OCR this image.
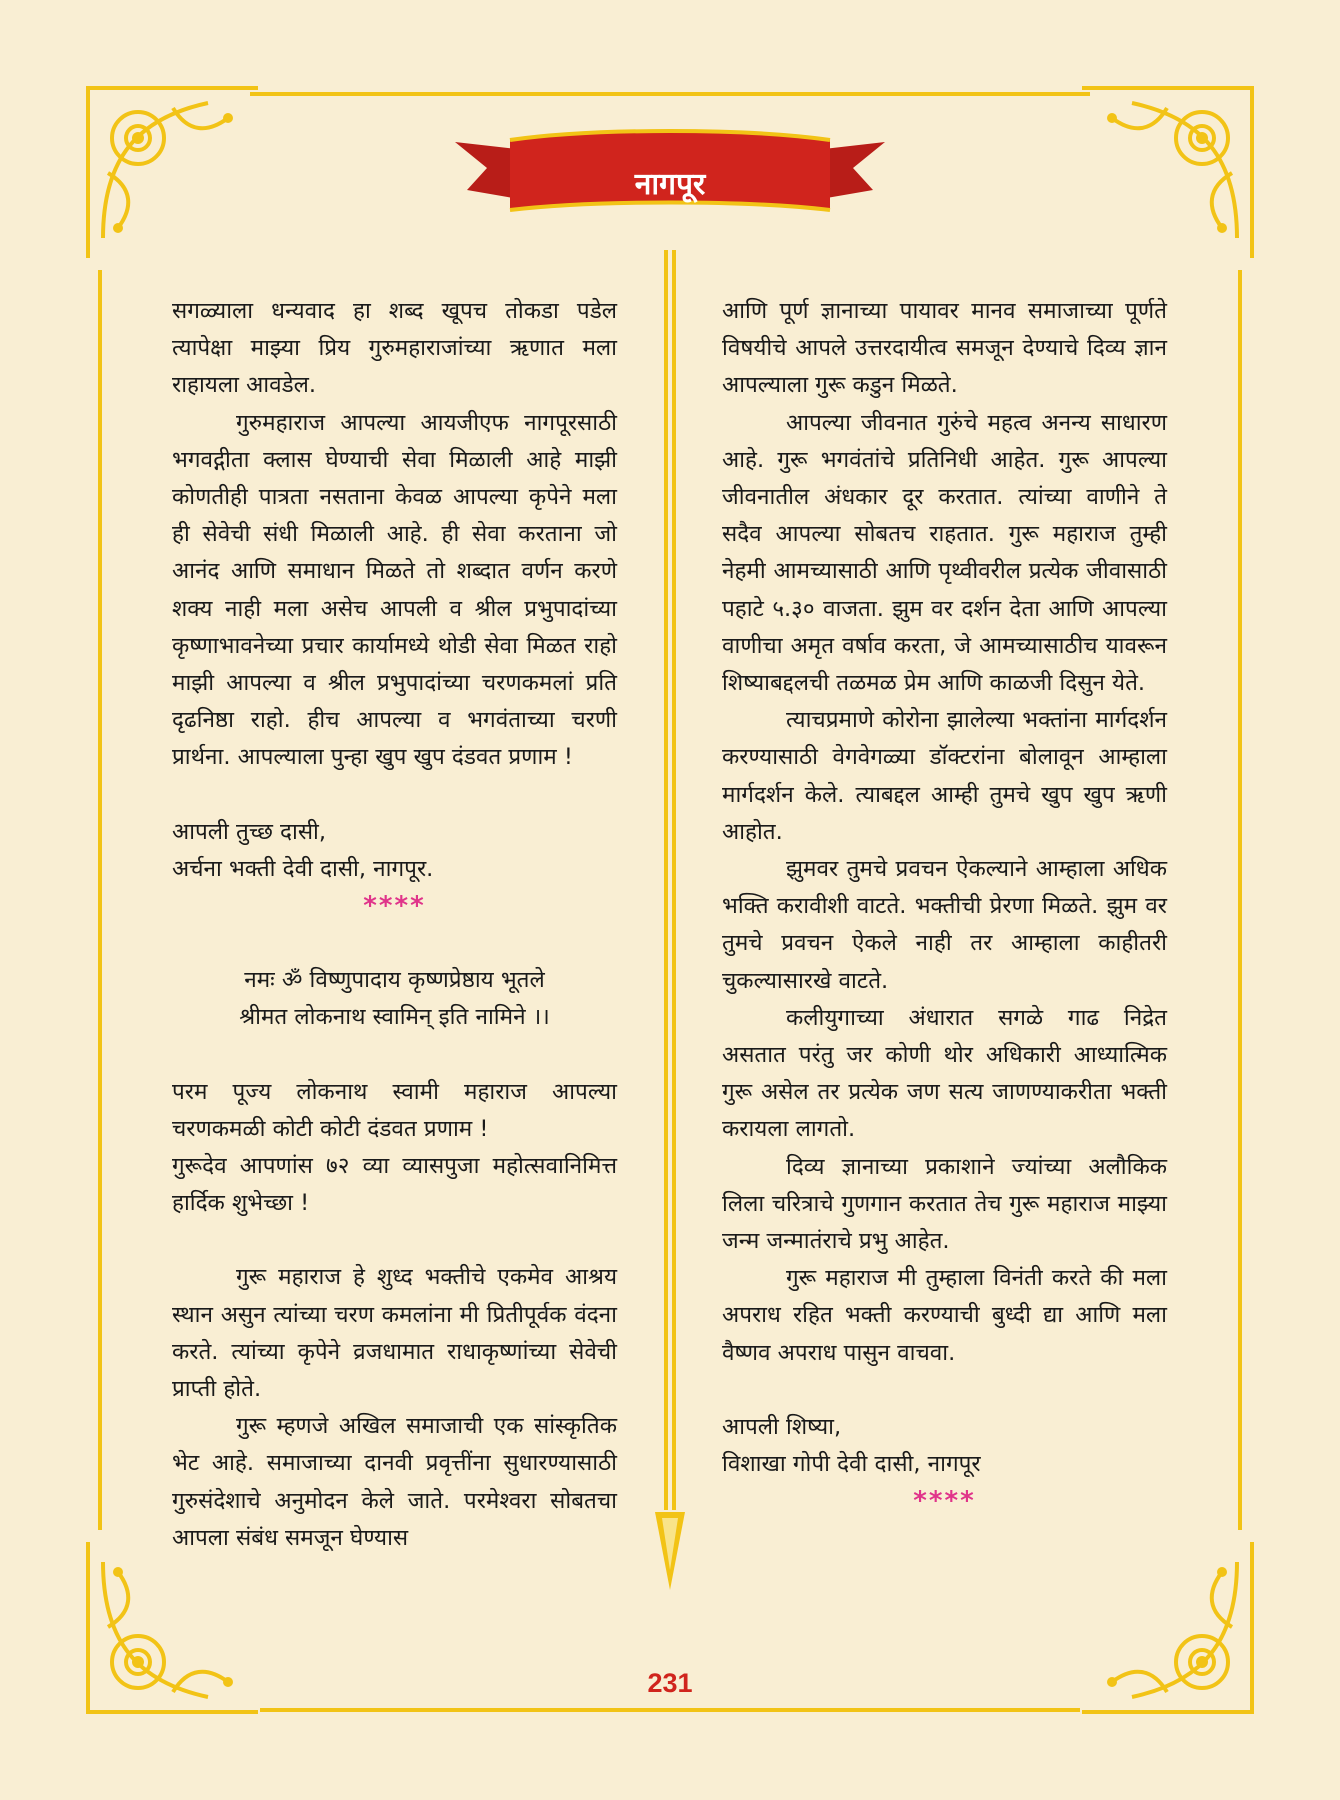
नागपूर

सगळ्याला धन्यवाद हा शब्द खूपच तोकडा पडेल त्यापेक्षा माझ्या प्रिय गुरुमहाराजांच्या ऋणात मला राहायला आवडेल.

गुरुमहाराज आपल्या आयजीएफ नागपूरसाठी भगवद्गीता क्लास घेण्याची सेवा मिळाली आहे माझी कोणतीही पात्रता नसताना केवळ आपल्या कृपेने मला ही सेवेची संधी मिळाली आहे. ही सेवा करताना जो आनंद आणि समाधान मिळते तो शब्दात वर्णन करणे शक्य नाही मला असेच आपली व श्रील प्रभुपादांच्या कृष्णाभावनेच्या प्रचार कार्यामध्ये थोडी सेवा मिळत राहो माझी आपल्या व श्रील प्रभुपादांच्या चरणकमलां प्रति दृढनिष्ठा राहो. हीच आपल्या व भगवंताच्या चरणी प्रार्थना. आपल्याला पुन्हा खुप खुप दंडवत प्रणाम !

आपली तुच्छ दासी,

अर्चना भक्ती देवी दासी, नागपूर.

****

नमः ॐ विष्णुपादाय कृष्णप्रेष्ठाय भूतले

श्रीमत लोकनाथ स्वामिन् इति नामिने ।।

परम पूज्य लोकनाथ स्वामी महाराज आपल्या चरणकमळी कोटी कोटी दंडवत प्रणाम !

गुरूदेव आपणांस ७२ व्या व्यासपुजा महोत्सवानिमित्त हार्दिक शुभेच्छा !

गुरू महाराज हे शुध्द भक्तीचे एकमेव आश्रय स्थान असुन त्यांच्या चरण कमलांना मी प्रितीपूर्वक वंदना करते. त्यांच्या कृपेने व्रजधामात राधाकृष्णांच्या सेवेची प्राप्ती होते.

गुरू म्हणजे अखिल समाजाची एक सांस्कृतिक भेट आहे. समाजाच्या दानवी प्रवृत्तींना सुधारण्यासाठी गुरुसंदेशाचे अनुमोदन केले जाते. परमेश्वरा सोबतचा आपला संबंध समजून घेण्यास

आणि पूर्ण ज्ञानाच्या पायावर मानव समाजाच्या पूर्णते विषयीचे आपले उत्तरदायीत्व समजून देण्याचे दिव्य ज्ञान आपल्याला गुरू कडुन मिळते.

आपल्या जीवनात गुरुंचे महत्व अनन्य साधारण आहे. गुरू भगवंतांचे प्रतिनिधी आहेत. गुरू आपल्या जीवनातील अंधकार दूर करतात. त्यांच्या वाणीने ते सदैव आपल्या सोबतच राहतात. गुरू महाराज तुम्ही नेहमी आमच्यासाठी आणि पृथ्वीवरील प्रत्येक जीवासाठी पहाटे ५.३० वाजता. झुम वर दर्शन देता आणि आपल्या वाणीचा अमृत वर्षाव करता, जे आमच्यासाठीच यावरून शिष्याबद्दलची तळमळ प्रेम आणि काळजी दिसुन येते.

त्याचप्रमाणे कोरोना झालेल्या भक्तांना मार्गदर्शन करण्यासाठी वेगवेगळ्या डॉक्टरांना बोलावून आम्हाला मार्गदर्शन केले. त्याबद्दल आम्ही तुमचे खुप खुप ऋणी आहोत.

झुमवर तुमचे प्रवचन ऐकल्याने आम्हाला अधिक भक्ति करावीशी वाटते. भक्तीची प्रेरणा मिळते. झुम वर तुमचे प्रवचन ऐकले नाही तर आम्हाला काहीतरी चुकल्यासारखे वाटते.

कलीयुगाच्या अंधारात सगळे गाढ निद्रेत असतात परंतु जर कोणी थोर अधिकारी आध्यात्मिक गुरू असेल तर प्रत्येक जण सत्य जाणण्याकरीता भक्ती करायला लागतो.

दिव्य ज्ञानाच्या प्रकाशाने ज्यांच्या अलौकिक लिला चरित्राचे गुणगान करतात तेच गुरू महाराज माझ्या जन्म जन्मातंराचे प्रभु आहेत.

गुरू महाराज मी तुम्हाला विनंती करते की मला अपराध रहित भक्ती करण्याची बुध्दी द्या आणि मला वैष्णव अपराध पासुन वाचवा.

आपली शिष्या,

विशाखा गोपी देवी दासी, नागपूर

****

231
